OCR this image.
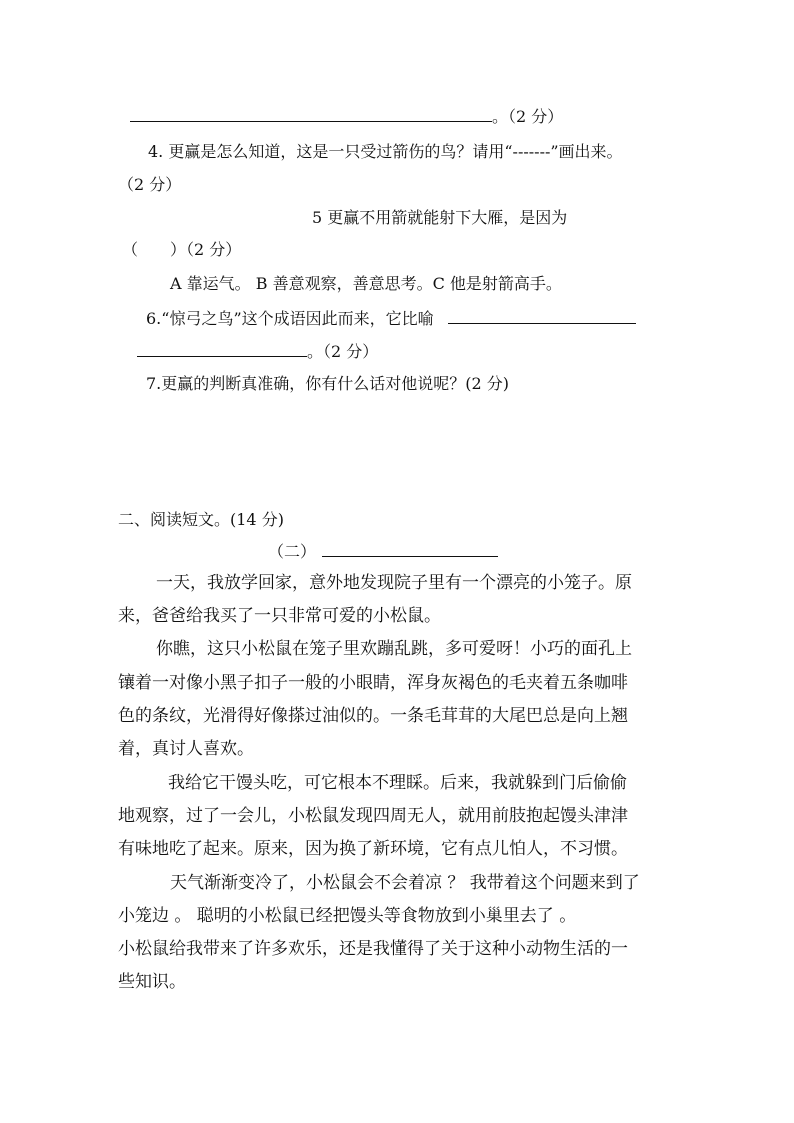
。（2 分）
4. 更赢是怎么知道，这是一只受过箭伤的鸟？请用“-------”画出来。
（2 分）
5 更赢不用箭就能射下大雁，是因为
（　　）（2 分）
A 靠运气。 B 善意观察，善意思考。C 他是射箭高手。
6.“惊弓之鸟”这个成语因此而来，它比喻
。（2 分）
7.更赢的判断真准确，你有什么话对他说呢？(2 分)
二、阅读短文。(14 分)
（二）
一天，我放学回家，意外地发现院子里有一个漂亮的小笼子。原
来，爸爸给我买了一只非常可爱的小松鼠。
你瞧，这只小松鼠在笼子里欢蹦乱跳，多可爱呀！小巧的面孔上
镶着一对像小黑子扣子一般的小眼睛，浑身灰褐色的毛夹着五条咖啡
色的条纹，光滑得好像搽过油似的。一条毛茸茸的大尾巴总是向上翘
着，真讨人喜欢。
我给它干馒头吃，可它根本不理睬。后来，我就躲到门后偷偷
地观察，过了一会儿，小松鼠发现四周无人，就用前肢抱起馒头津津
有味地吃了起来。原来，因为换了新环境，它有点儿怕人，不习惯。
天气渐渐变冷了，小松鼠会不会着凉 ？ 我带着这个问题来到了
小笼边 。 聪明的小松鼠已经把馒头等食物放到小巢里去了 。
小松鼠给我带来了许多欢乐，还是我懂得了关于这种小动物生活的一
些知识。
